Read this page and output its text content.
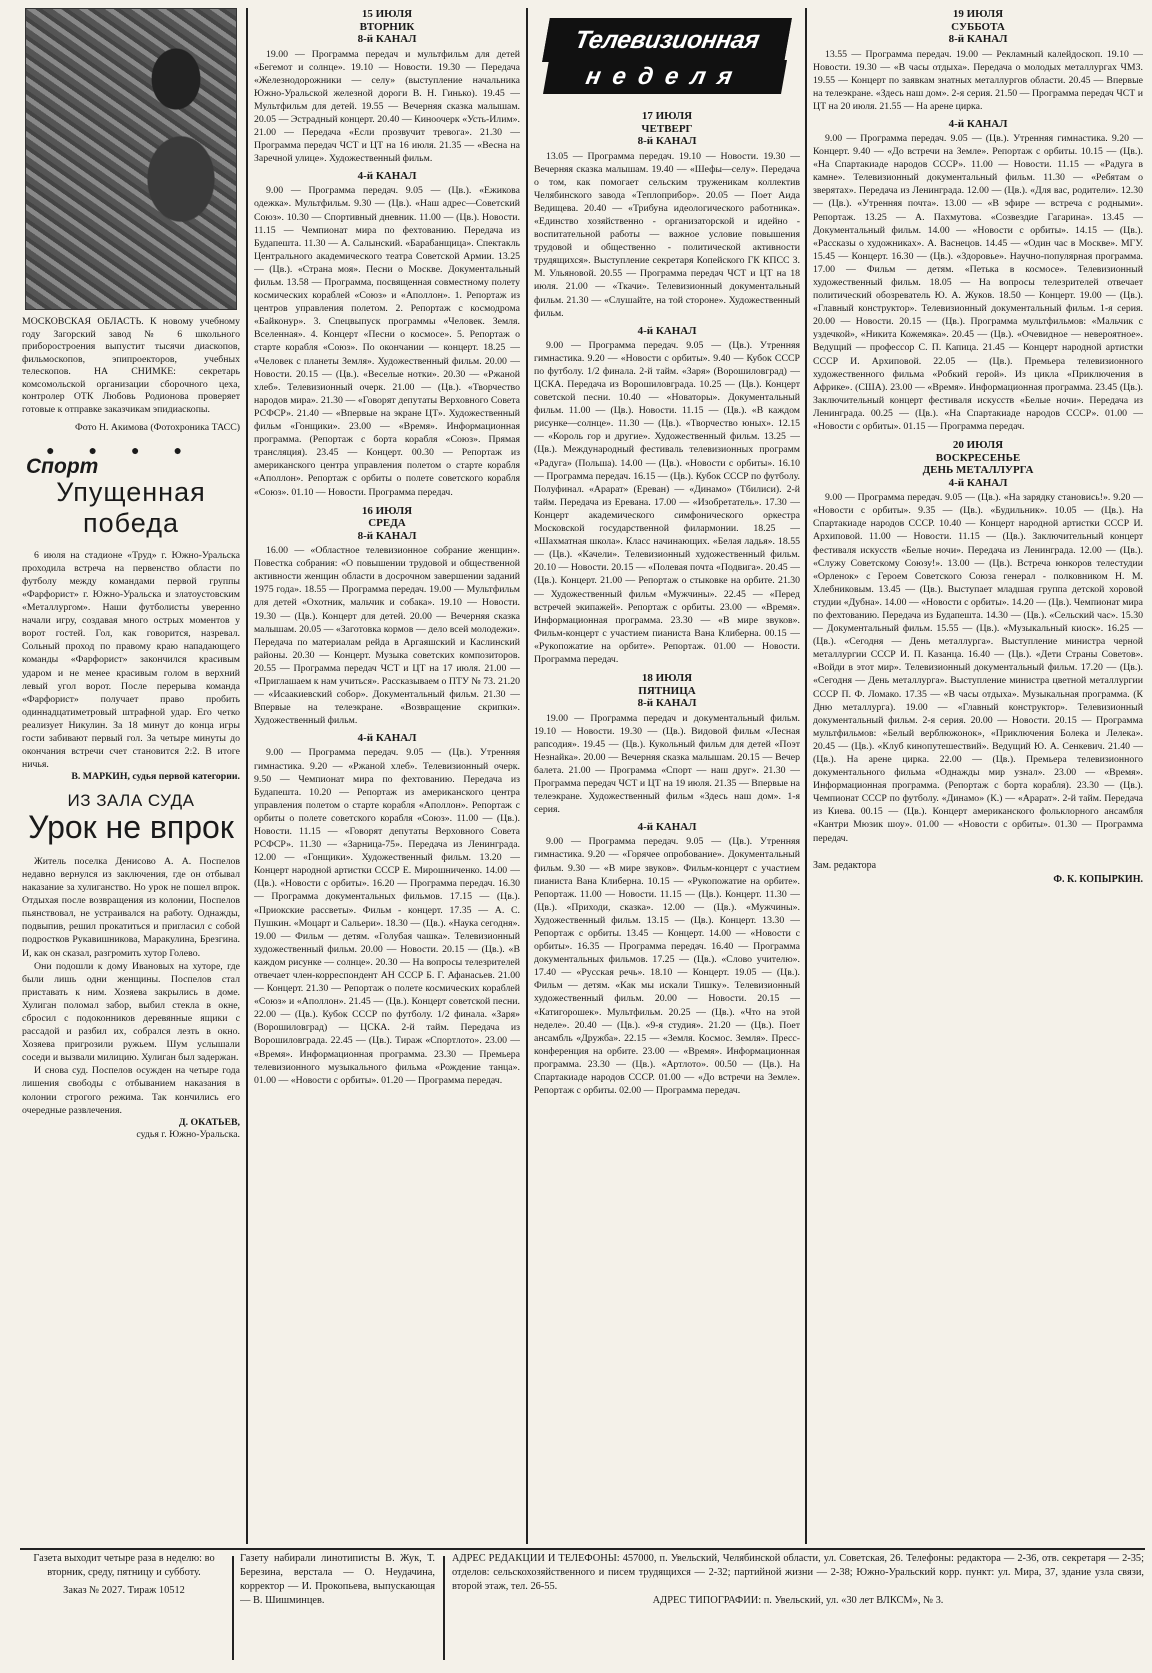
МОСКОВСКАЯ ОБЛАСТЬ. К новому учебному году Загорский завод № 6 школьного приборостроения выпустит тысячи диаскопов, фильмоскопов, эпипроекторов, учебных телескопов. НА СНИМКЕ: секретарь комсомольской организации сборочного цеха, контролер ОТК Любовь Родионова проверяет готовые к отправке заказчикам эпидиаскопы.
Фото Н. Акимова (Фотохроника ТАСС)
●●●●
Спорт
Упущенная победа

6 июля на стадионе «Труд» г. Южно-Уральска проходила встреча на первенство области по футболу между командами первой группы «Фарфорист» г. Южно-Уральска и златоустовским «Металлургом». Наши футболисты уверенно начали игру, создавая много острых моментов у ворот гостей. Гол, как говорится, назревал. Сольный проход по правому краю нападающего команды «Фарфорист» закончился красивым ударом и не менее красивым голом в верхний левый угол ворот. После перерыва команда «Фарфорист» получает право пробить одиннадцатиметровый штрафной удар. Его четко реализует Никулин. За 18 минут до конца игры гости забивают первый гол. За четыре минуты до окончания встречи счет становится 2:2. В итоге ничья.

В. МАРКИН, судья первой категории.
ИЗ ЗАЛА СУДА
Урок не впрок

Житель поселка Денисово А. А. Поспелов недавно вернулся из заключения, где он отбывал наказание за хулиганство. Но урок не пошел впрок. Отдыхая после возвращения из колонии, Поспелов пьянствовал, не устраивался на работу. Однажды, подвыпив, решил прокатиться и пригласил с собой подростков Рукавишникова, Маракулина, Брезгина. И, как он сказал, разгромить хутор Голево.

Они подошли к дому Ивановых на хуторе, где были лишь одни женщины. Поспелов стал приставать к ним. Хозяева закрылись в доме. Хулиган поломал забор, выбил стекла в окне, сбросил с подоконников деревянные ящики с рассадой и разбил их, собрался лезть в окно. Хозяева пригрозили ружьем. Шум услышали соседи и вызвали милицию. Хулиган был задержан.

И снова суд. Поспелов осужден на четыре года лишения свободы с отбыванием наказания в колонии строгого режима. Так кончились его очередные развлечения.

Д. ОКАТЬЕВ,
судья г. Южно-Уральска.
15 ИЮЛЯ
ВТОРНИК
8-й КАНАЛ

19.00 — Программа передач и мультфильм для детей «Бегемот и солнце». 19.10 — Новости. 19.30 — Передача «Железнодорожники — селу» (выступление начальника Южно-Уральской железной дороги В. Н. Гинько). 19.45 — Мультфильм для детей. 19.55 — Вечерняя сказка малышам. 20.05 — Эстрадный концерт. 20.40 — Киноочерк «Усть-Илим». 21.00 — Передача «Если прозвучит тревога». 21.30 — Программа передач ЧСТ и ЦТ на 16 июля. 21.35 — «Весна на Заречной улице». Художественный фильм.

4-й КАНАЛ

9.00 — Программа передач. 9.05 — (Цв.). «Ежикова одежка». Мультфильм. 9.30 — (Цв.). «Наш адрес—Советский Союз». 10.30 — Спортивный дневник. 11.00 — (Цв.). Новости. 11.15 — Чемпионат мира по фехтованию. Передача из Будапешта. 11.30 — А. Салынский. «Барабанщица». Спектакль Центрального академического театра Советской Армии. 13.25 — (Цв.). «Страна моя». Песни о Москве. Документальный фильм. 13.58 — Программа, посвященная совместному полету космических кораблей «Союз» и «Аполлон». 1. Репортаж из центров управления полетом. 2. Репортаж с космодрома «Байконур». 3. Спецвыпуск программы «Человек. Земля. Вселенная». 4. Концерт «Песни о космосе». 5. Репортаж о старте корабля «Союз». По окончании — концерт. 18.25 — «Человек с планеты Земля». Художественный фильм. 20.00 — Новости. 20.15 — (Цв.). «Веселые нотки». 20.30 — «Ржаной хлеб». Телевизионный очерк. 21.00 — (Цв.). «Творчество народов мира». 21.30 — «Говорят депутаты Верховного Совета РСФСР». 21.40 — «Впервые на экране ЦТ». Художественный фильм «Гонщики». 23.00 — «Время». Информационная программа. (Репортаж с борта корабля «Союз». Прямая трансляция). 23.45 — Концерт. 00.30 — Репортаж из американского центра управления полетом о старте корабля «Аполлон». Репортаж с орбиты о полете советского корабля «Союз». 01.10 — Новости. Программа передач.

16 ИЮЛЯ
СРЕДА
8-й КАНАЛ

16.00 — «Областное телевизионное собрание женщин». Повестка собрания: «О повышении трудовой и общественной активности женщин области в досрочном завершении заданий 1975 года». 18.55 — Программа передач. 19.00 — Мультфильм для детей «Охотник, мальчик и собака». 19.10 — Новости. 19.30 — (Цв.). Концерт для детей. 20.00 — Вечерняя сказка малышам. 20.05 — «Заготовка кормов — дело всей молодежи». Передача по материалам рейда в Аргаяшский и Каслинский районы. 20.30 — Концерт. Музыка советских композиторов. 20.55 — Программа передач ЧСТ и ЦТ на 17 июля. 21.00 — «Приглашаем к нам учиться». Рассказываем о ПТУ № 73. 21.20 — «Исаакиевский собор». Документальный фильм. 21.30 — Впервые на телеэкране. «Возвращение скрипки». Художественный фильм.

4-й КАНАЛ

9.00 — Программа передач. 9.05 — (Цв.). Утренняя гимнастика. 9.20 — «Ржаной хлеб». Телевизионный очерк. 9.50 — Чемпионат мира по фехтованию. Передача из Будапешта. 10.20 — Репортаж из американского центра управления полетом о старте корабля «Аполлон». Репортаж с орбиты о полете советского корабля «Союз». 11.00 — (Цв.). Новости. 11.15 — «Говорят депутаты Верховного Совета РСФСР». 11.30 — «Зарница-75». Передача из Ленинграда. 12.00 — «Гонщики». Художественный фильм. 13.20 — Концерт народной артистки СССР Е. Мирошниченко. 14.00 — (Цв.). «Новости с орбиты». 16.20 — Программа передач. 16.30 — Программа документальных фильмов. 17.15 — (Цв.). «Приокские рассветы». Фильм - концерт. 17.35 — А. С. Пушкин. «Моцарт и Сальери». 18.30 — (Цв.). «Наука сегодня». 19.00 — Фильм — детям. «Голубая чашка». Телевизионный художественный фильм. 20.00 — Новости. 20.15 — (Цв.). «В каждом рисунке — солнце». 20.30 — На вопросы телезрителей отвечает член-корреспондент АН СССР Б. Г. Афанасьев. 21.00 — Концерт. 21.30 — Репортаж о полете космических кораблей «Союз» и «Аполлон». 21.45 — (Цв.). Концерт советской песни. 22.00 — (Цв.). Кубок СССР по футболу. 1/2 финала. «Заря» (Ворошиловград) — ЦСКА. 2-й тайм. Передача из Ворошиловграда. 22.45 — (Цв.). Тираж «Спортлото». 23.00 — «Время». Информационная программа. 23.30 — Премьера телевизионного музыкального фильма «Рождение танца». 01.00 — «Новости с орбиты». 01.20 — Программа передач.

Телевизионная
неделя
17 ИЮЛЯ
ЧЕТВЕРГ
8-й КАНАЛ

13.05 — Программа передач. 19.10 — Новости. 19.30 — Вечерняя сказка малышам. 19.40 — «Шефы—селу». Передача о том, как помогает сельским труженикам коллектив Челябинского завода «Теплоприбор». 20.05 — Поет Аида Ведищева. 20.40 — «Трибуна идеологического работника». «Единство хозяйственно - организаторской и идейно - воспитательной работы — важное условие повышения трудовой и общественно - политической активности трудящихся». Выступление секретаря Копейского ГК КПСС З. М. Ульяновой. 20.55 — Программа передач ЧСТ и ЦТ на 18 июля. 21.00 — «Ткачи». Телевизионный документальный фильм. 21.30 — «Слушайте, на той стороне». Художественный фильм.

4-й КАНАЛ

9.00 — Программа передач. 9.05 — (Цв.). Утренняя гимнастика. 9.20 — «Новости с орбиты». 9.40 — Кубок СССР по футболу. 1/2 финала. 2-й тайм. «Заря» (Ворошиловград) — ЦСКА. Передача из Ворошиловграда. 10.25 — (Цв.). Концерт советской песни. 10.40 — «Новаторы». Документальный фильм. 11.00 — (Цв.). Новости. 11.15 — (Цв.). «В каждом рисунке—солнце». 11.30 — (Цв.). «Творчество юных». 12.15 — «Король гор и другие». Художественный фильм. 13.25 — (Цв.). Международный фестиваль телевизионных программ «Радуга» (Польша). 14.00 — (Цв.). «Новости с орбиты». 16.10 — Программа передач. 16.15 — (Цв.). Кубок СССР по футболу. Полуфинал. «Арарат» (Ереван) — «Динамо» (Тбилиси). 2-й тайм. Передача из Еревана. 17.00 — «Изобретатель». 17.30 — Концерт академического симфонического оркестра Московской государственной филармонии. 18.25 — «Шахматная школа». Класс начинающих. «Белая ладья». 18.55 — (Цв.). «Качели». Телевизионный художественный фильм. 20.10 — Новости. 20.15 — «Полевая почта «Подвига». 20.45 — (Цв.). Концерт. 21.00 — Репортаж о стыковке на орбите. 21.30 — Художественный фильм «Мужчины». 22.45 — «Перед встречей экипажей». Репортаж с орбиты. 23.00 — «Время». Информационная программа. 23.30 — «В мире звуков». Фильм-концерт с участием пианиста Вана Клиберна. 00.15 — «Рукопожатие на орбите». Репортаж. 01.00 — Новости. Программа передач.

18 ИЮЛЯ
ПЯТНИЦА
8-й КАНАЛ

19.00 — Программа передач и документальный фильм. 19.10 — Новости. 19.30 — (Цв.). Видовой фильм «Лесная рапсодия». 19.45 — (Цв.). Кукольный фильм для детей «Поэт Незнайка». 20.00 — Вечерняя сказка малышам. 20.15 — Вечер балета. 21.00 — Программа «Спорт — наш друг». 21.30 — Программа передач ЧСТ и ЦТ на 19 июля. 21.35 — Впервые на телеэкране. Художественный фильм «Здесь наш дом». 1-я серия.

4-й КАНАЛ

9.00 — Программа передач. 9.05 — (Цв.). Утренняя гимнастика. 9.20 — «Горячее опробование». Документальный фильм. 9.30 — «В мире звуков». Фильм-концерт с участием пианиста Вана Клиберна. 10.15 — «Рукопожатие на орбите». Репортаж. 11.00 — Новости. 11.15 — (Цв.). Концерт. 11.30 — (Цв.). «Приходи, сказка». 12.00 — (Цв.). «Мужчины». Художественный фильм. 13.15 — (Цв.). Концерт. 13.30 — Репортаж с орбиты. 13.45 — Концерт. 14.00 — «Новости с орбиты». 16.35 — Программа передач. 16.40 — Программа документальных фильмов. 17.25 — (Цв.). «Слово учителю». 17.40 — «Русская речь». 18.10 — Концерт. 19.05 — (Цв.). Фильм — детям. «Как мы искали Тишку». Телевизионный художественный фильм. 20.00 — Новости. 20.15 — «Катигорошек». Мультфильм. 20.25 — (Цв.). «Что на этой неделе». 20.40 — (Цв.). «9-я студия». 21.20 — (Цв.). Поет ансамбль «Дружба». 22.15 — «Земля. Космос. Земля». Пресс-конференция на орбите. 23.00 — «Время». Информационная программа. 23.30 — (Цв.). «Артлото». 00.50 — (Цв.). На Спартакиаде народов СССР. 01.00 — «До встречи на Земле». Репортаж с орбиты. 02.00 — Программа передач.

19 ИЮЛЯ
СУББОТА
8-й КАНАЛ

13.55 — Программа передач. 19.00 — Рекламный калейдоскоп. 19.10 — Новости. 19.30 — «В часы отдыха». Передача о молодых металлургах ЧМЗ. 19.55 — Концерт по заявкам знатных металлургов области. 20.45 — Впервые на телеэкране. «Здесь наш дом». 2-я серия. 21.50 — Программа передач ЧСТ и ЦТ на 20 июля. 21.55 — На арене цирка.

4-й КАНАЛ

9.00 — Программа передач. 9.05 — (Цв.). Утренняя гимнастика. 9.20 — Концерт. 9.40 — «До встречи на Земле». Репортаж с орбиты. 10.15 — (Цв.). «На Спартакиаде народов СССР». 11.00 — Новости. 11.15 — «Радуга в камне». Телевизионный документальный фильм. 11.30 — «Ребятам о зверятах». Передача из Ленинграда. 12.00 — (Цв.). «Для вас, родители». 12.30 — (Цв.). «Утренняя почта». 13.00 — «В эфире — встреча с родными». Репортаж. 13.25 — А. Пахмутова. «Созвездие Гагарина». 13.45 — Документальный фильм. 14.00 — «Новости с орбиты». 14.15 — (Цв.). «Рассказы о художниках». А. Васнецов. 14.45 — «Один час в Москве». МГУ. 15.45 — Концерт. 16.30 — (Цв.). «Здоровье». Научно-популярная программа. 17.00 — Фильм — детям. «Петька в космосе». Телевизионный художественный фильм. 18.05 — На вопросы телезрителей отвечает политический обозреватель Ю. А. Жуков. 18.50 — Концерт. 19.00 — (Цв.). «Главный конструктор». Телевизионный документальный фильм. 1-я серия. 20.00 — Новости. 20.15 — (Цв.). Программа мультфильмов: «Мальчик с уздечкой», «Никита Кожемяка». 20.45 — (Цв.). «Очевидное — невероятное». Ведущий — профессор С. П. Капица. 21.45 — Концерт народной артистки СССР И. Архиповой. 22.05 — (Цв.). Премьера телевизионного художественного фильма «Робкий герой». Из цикла «Приключения в Африке». (США). 23.00 — «Время». Информационная программа. 23.45 (Цв.). Заключительный концерт фестиваля искусств «Белые ночи». Передача из Ленинграда. 00.25 — (Цв.). «На Спартакиаде народов СССР». 01.00 — «Новости с орбиты». 01.15 — Программа передач.

20 ИЮЛЯ
ВОСКРЕСЕНЬЕ
ДЕНЬ МЕТАЛЛУРГА
4-й КАНАЛ

9.00 — Программа передач. 9.05 — (Цв.). «На зарядку становись!». 9.20 — «Новости с орбиты». 9.35 — (Цв.). «Будильник». 10.05 — (Цв.). На Спартакиаде народов СССР. 10.40 — Концерт народной артистки СССР И. Архиповой. 11.00 — Новости. 11.15 — (Цв.). Заключительный концерт фестиваля искусств «Белые ночи». Передача из Ленинграда. 12.00 — (Цв.). «Служу Советскому Союзу!». 13.00 — (Цв.). Встреча юнкоров телестудии «Орленок» с Героем Советского Союза генерал - полковником Н. М. Хлебниковым. 13.45 — (Цв.). Выступает младшая группа детской хоровой студии «Дубна». 14.00 — «Новости с орбиты». 14.20 — (Цв.). Чемпионат мира по фехтованию. Передача из Будапешта. 14.30 — (Цв.). «Сельский час». 15.30 — Документальный фильм. 15.55 — (Цв.). «Музыкальный киоск». 16.25 — (Цв.). «Сегодня — День металлурга». Выступление министра черной металлургии СССР И. П. Казанца. 16.40 — (Цв.). «Дети Страны Советов». «Войди в этот мир». Телевизионный документальный фильм. 17.20 — (Цв.). «Сегодня — День металлурга». Выступление министра цветной металлургии СССР П. Ф. Ломако. 17.35 — «В часы отдыха». Музыкальная программа. (К Дню металлурга). 19.00 — «Главный конструктор». Телевизионный документальный фильм. 2-я серия. 20.00 — Новости. 20.15 — Программа мультфильмов: «Белый верблюжонок», «Приключения Болека и Лелека». 20.45 — (Цв.). «Клуб кинопутешествий». Ведущий Ю. А. Сенкевич. 21.40 — (Цв.). На арене цирка. 22.00 — (Цв.). Премьера телевизионного документального фильма «Однажды мир узнал». 23.00 — «Время». Информационная программа. (Репортаж с борта корабля). 23.30 — (Цв.). Чемпионат СССР по футболу. «Динамо» (К.) — «Арарат». 2-й тайм. Передача из Киева. 00.15 — (Цв.). Концерт американского фольклорного ансамбля «Кантри Мюзик шоу». 01.00 — «Новости с орбиты». 01.30 — Программа передач.

Зам. редактора
Ф. К. КОПЫРКИН.
Газета выходит четыре раза в неделю: во вторник, среду, пятницу и субботу.
Заказ № 2027. Тираж 10512
Газету набирали линотиписты В. Жук, Т. Березина, верстала — О. Неудачина, корректор — И. Прокопьева, выпускающая — В. Шишминцев.
АДРЕС РЕДАКЦИИ И ТЕЛЕФОНЫ: 457000, п. Увельский, Челябинской области, ул. Советская, 26. Телефоны: редактора — 2-36, отв. секретаря — 2-35; отделов: сельскохозяйственного и писем трудящихся — 2-32; партийной жизни — 2-38; Южно-Уральский корр. пункт: ул. Мира, 37, здание узла связи, второй этаж, тел. 26-55.
АДРЕС ТИПОГРАФИИ: п. Увельский, ул. «30 лет ВЛКСМ», № 3.
